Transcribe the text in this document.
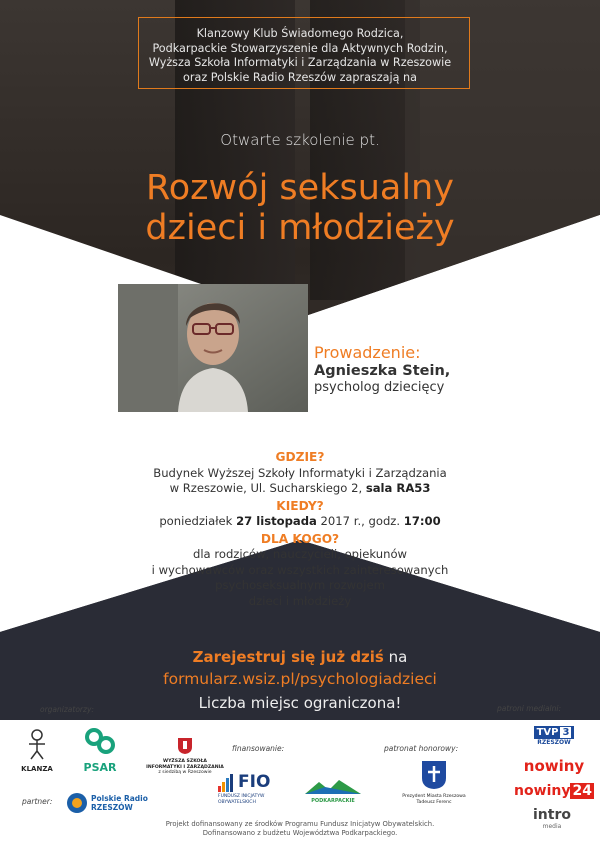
Klanzowy Klub Świadomego Rodzica,
Podkarpackie Stowarzyszenie dla Aktywnych Rodzin,
Wyższa Szkoła Informatyki i Zarządzania w Rzeszowie
oraz Polskie Radio Rzeszów zapraszają na
Otwarte szkolenie pt.
Rozwój seksualny
dzieci i młodzieży
Prowadzenie:
Agnieszka Stein,
psycholog dziecięcy
GDZIE?
Budynek Wyższej Szkoły Informatyki i Zarządzania
w Rzeszowie, Ul. Sucharskiego 2, sala RA53
KIEDY?
poniedziałek 27 listopada 2017 r., godz. 17:00
DLA KOGO?
dla rodziców, nauczycieli, opiekunów
i wychowawców oraz wszystkich zainteresowanych
psychoseksualnym rozwojem
dzieci i młodzieży
Zarejestruj się już dziś na
formularz.wsiz.pl/psychologiadzieci
Liczba miejsc ograniczona!
organizatorzy:
partner:
finansowanie:	patronat honorowy:
patroni medialni:
KLANZA	PSAR	WYŻSZA SZKOŁA
INFORMATYKI I ZARZĄDZANIA
z siedzibą w Rzeszowie
Polskie Radio
RZESZÓW
FIO
FUNDUSZ INICJATYW
OBYWATELSKICH	PODKARPACKIE
Prezydent Miasta Rzeszowa
Tadeusz Ferenc
TVP 3
RZESZÓW
nowiny
nowiny 24
intro
media
Projekt dofinansowany ze środków Programu Fundusz Inicjatyw Obywatelskich.
Dofinansowano z budżetu Województwa Podkarpackiego.
